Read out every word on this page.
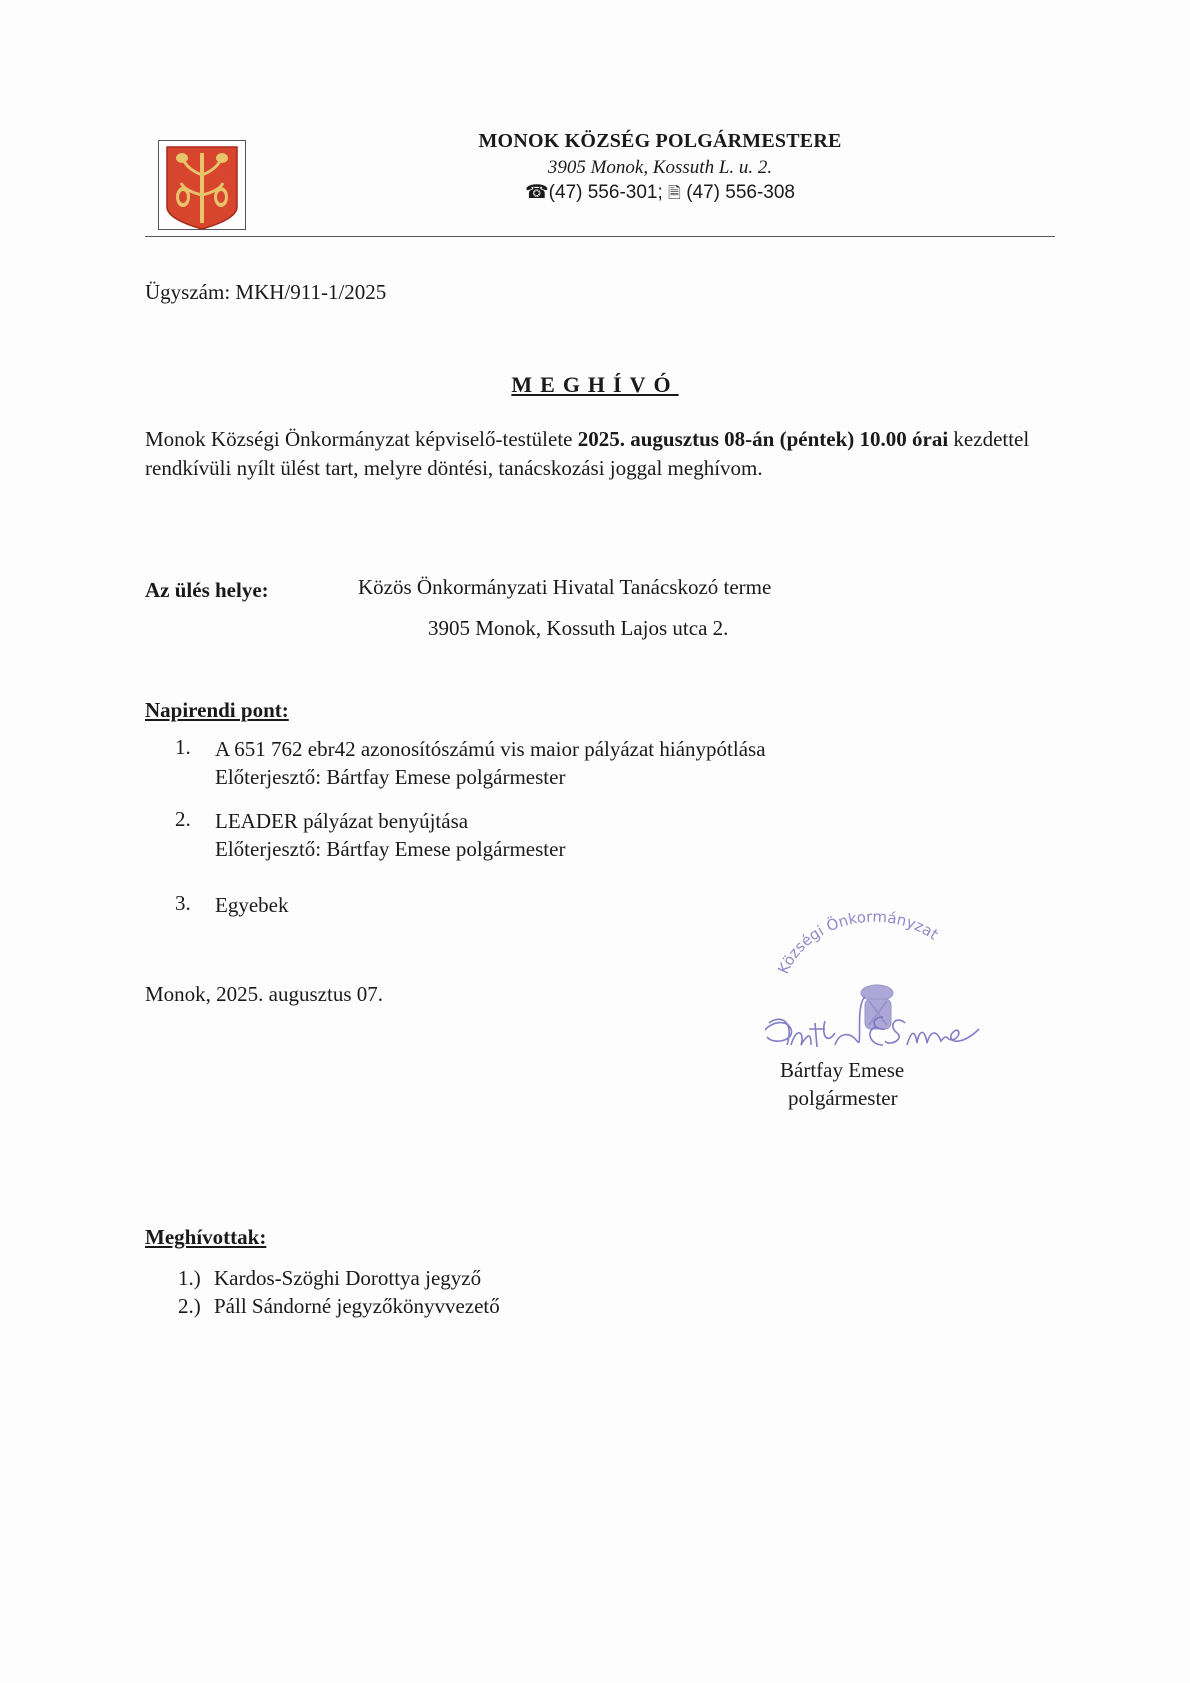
MONOK KÖZSÉG POLGÁRMESTERE
3905 Monok, Kossuth L. u. 2.
☎(47) 556-301; 🗎 (47) 556-308
Ügyszám: MKH/911-1/2025
MEGHÍVÓ
Monok Községi Önkormányzat képviselő-testülete 2025. augusztus 08-án (péntek) 10.00 órai kezdettel rendkívüli nyílt ülést tart, melyre döntési, tanácskozási joggal meghívom.
Az ülés helye:	Közös Önkormányzati Hivatal Tanácskozó terme
3905 Monok, Kossuth Lajos utca 2.
Napirendi pont:
1.	A 651 762 ebr42 azonosítószámú vis maior pályázat hiánypótlása
Előterjesztő: Bártfay Emese polgármester
2.	LEADER pályázat benyújtása
Előterjesztő: Bártfay Emese polgármester
3.	Egyebek
Monok, 2025. augusztus 07.
Községi Önkormányzat
Bártfay Emese
polgármester
Meghívottak:
1.) Kardos-Szöghi Dorottya jegyző
2.) Páll Sándorné jegyzőkönyvvezető
